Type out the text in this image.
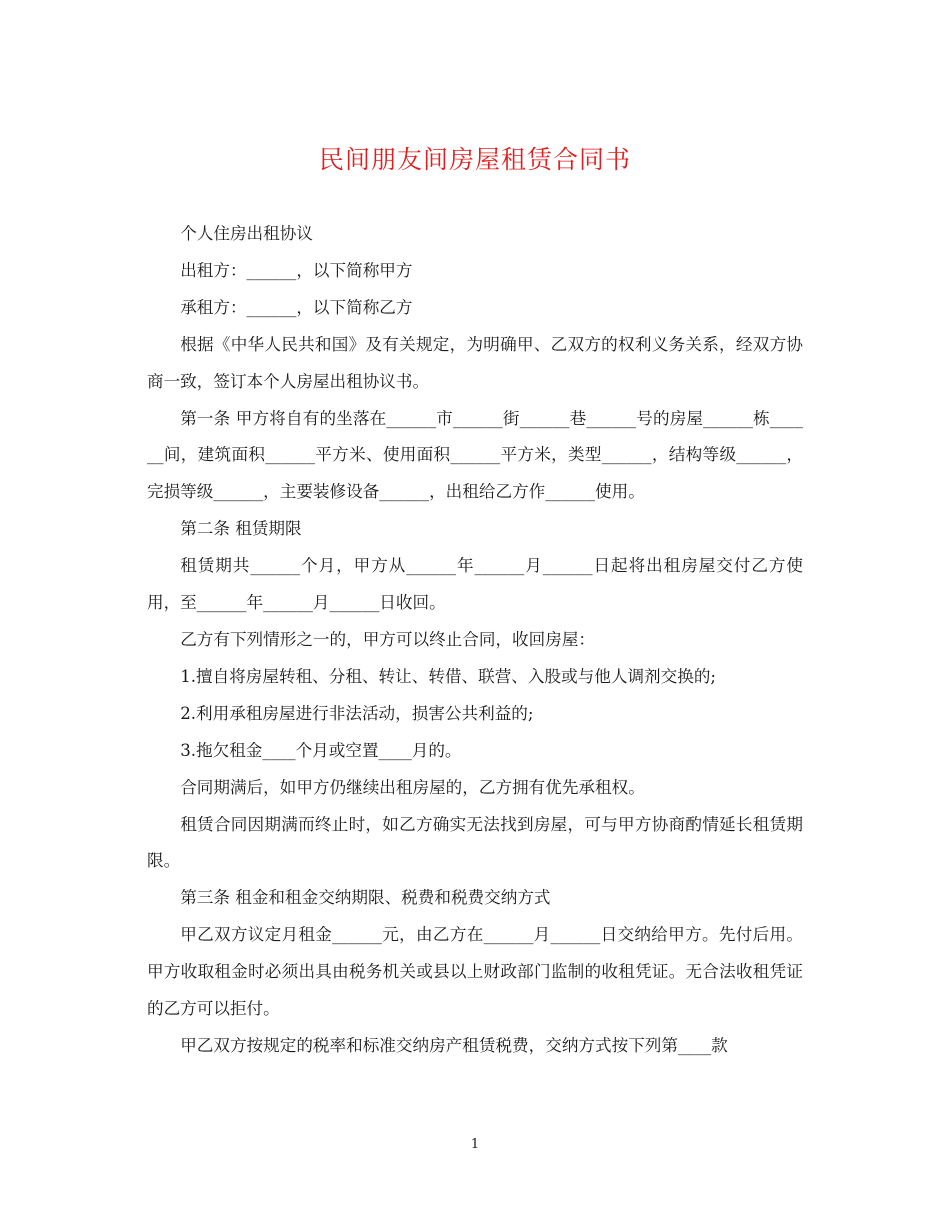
民间朋友间房屋租赁合同书

个人住房出租协议

出租方：______，以下简称甲方

承租方：______，以下简称乙方

根据《中华人民共和国》及有关规定，为明确甲、乙双方的权利义务关系，经双方协商一致，签订本个人房屋出租协议书。

第一条 甲方将自有的坐落在______市______街______巷______号的房屋______栋______间，建筑面积______平方米、使用面积______平方米，类型______，结构等级______，完损等级______，主要装修设备______，出租给乙方作______使用。

第二条 租赁期限

租赁期共______个月，甲方从______年______月______日起将出租房屋交付乙方使用，至______年______月______日收回。

乙方有下列情形之一的，甲方可以终止合同，收回房屋：

1.擅自将房屋转租、分租、转让、转借、联营、入股或与他人调剂交换的;

2.利用承租房屋进行非法活动，损害公共利益的;

3.拖欠租金____个月或空置____月的。

合同期满后，如甲方仍继续出租房屋的，乙方拥有优先承租权。

租赁合同因期满而终止时，如乙方确实无法找到房屋，可与甲方协商酌情延长租赁期限。

第三条 租金和租金交纳期限、税费和税费交纳方式

甲乙双方议定月租金______元，由乙方在______月______日交纳给甲方。先付后用。甲方收取租金时必须出具由税务机关或县以上财政部门监制的收租凭证。无合法收租凭证的乙方可以拒付。

甲乙双方按规定的税率和标准交纳房产租赁税费，交纳方式按下列第____款

1
